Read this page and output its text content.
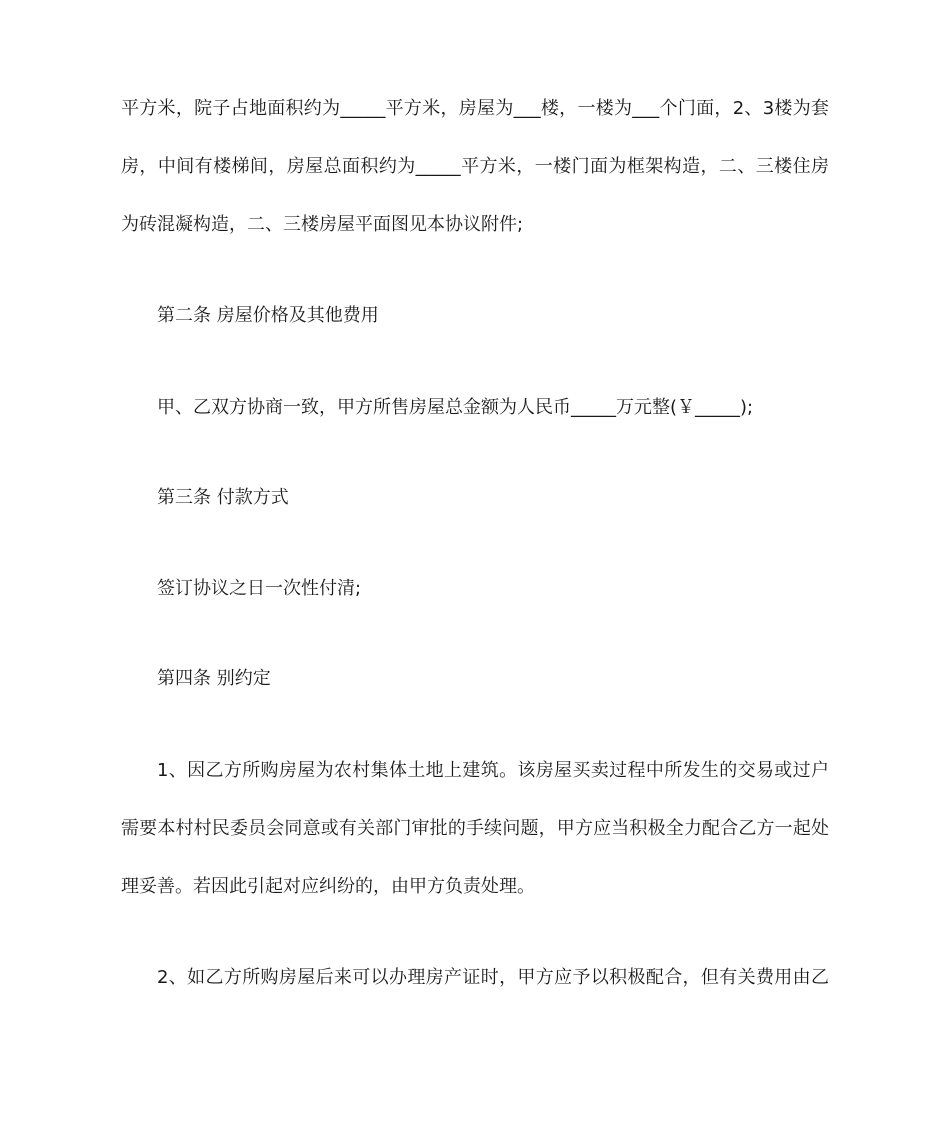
平方米，院子占地面积约为_____平方米，房屋为___楼，一楼为___个门面，2、3楼为套
房，中间有楼梯间，房屋总面积约为_____平方米，一楼门面为框架构造，二、三楼住房
为砖混凝构造，二、三楼房屋平面图见本协议附件;
第二条 房屋价格及其他费用
甲、乙双方协商一致，甲方所售房屋总金额为人民币_____万元整(￥_____);
第三条 付款方式
签订协议之日一次性付清;
第四条 别约定
1、因乙方所购房屋为农村集体土地上建筑。该房屋买卖过程中所发生的交易或过户
需要本村村民委员会同意或有关部门审批的手续问题，甲方应当积极全力配合乙方一起处
理妥善。若因此引起对应纠纷的，由甲方负责处理。
2、如乙方所购房屋后来可以办理房产证时，甲方应予以积极配合，但有关费用由乙
